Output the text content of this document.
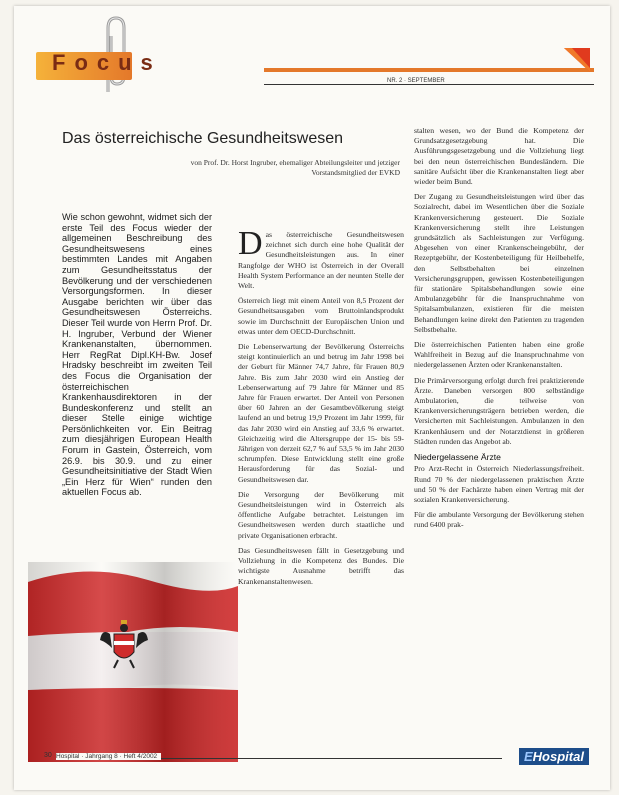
Focus
NR. 2 · SEPTEMBER
Das österreichische Gesundheitswesen
von Prof. Dr. Horst Ingruber, ehemaliger Abteilungsleiter und jetziger Vorstandsmitglied der EVKD
Wie schon gewohnt, widmet sich der erste Teil des Focus wieder der allgemeinen Beschreibung des Gesundheitswesens eines bestimmten Landes mit Angaben zum Gesundheitsstatus der Bevölkerung und der verschiedenen Versorgungsformen. In dieser Ausgabe berichten wir über das Gesundheitswesen Österreichs. Dieser Teil wurde von Herrn Prof. Dr. H. Ingruber, Verbund der Wiener Krankenanstalten, übernommen. Herr RegRat Dipl.KH-Bw. Josef Hradsky beschreibt im zweiten Teil des Focus die Organisation der österreichischen Krankenhausdirektoren in der Bundeskonferenz und stellt an dieser Stelle einige wichtige Persönlichkeiten vor. Ein Beitrag zum diesjährigen European Health Forum in Gastein, Österreich, vom 26.9. bis 30.9. und zu einer Gesundheitsinitiative der Stadt Wien „Ein Herz für Wien“ runden den aktuellen Focus ab.

Das österreichische Gesundheitswesen zeichnet sich durch eine hohe Qualität der Gesundheitsleistungen aus. In einer Rangfolge der WHO ist Österreich in der Overall Health System Performance an der neunten Stelle der Welt.

Österreich liegt mit einem Anteil von 8,5 Prozent der Gesundheitsausgaben vom Bruttoinlandsprodukt sowie im Durchschnitt der Europäischen Union und etwas unter dem OECD-Durchschnitt.

Die Lebenserwartung der Bevölkerung Österreichs steigt kontinuierlich an und betrug im Jahr 1998 bei der Geburt für Männer 74,7 Jahre, für Frauen 80,9 Jahre. Bis zum Jahr 2030 wird ein Anstieg der Lebenserwartung auf 79 Jahre für Männer und 85 Jahre für Frauen erwartet. Der Anteil von Personen über 60 Jahren an der Gesamtbevölkerung steigt laufend an und betrug 19,9 Prozent im Jahr 1999, für das Jahr 2030 wird ein Anstieg auf 33,6 % erwartet. Gleichzeitig wird die Altersgruppe der 15- bis 59-Jährigen von derzeit 62,7 % auf 53,5 % im Jahr 2030 schrumpfen. Diese Entwicklung stellt eine große Herausforderung für das Sozial- und Gesundheitswesen dar.

Die Versorgung der Bevölkerung mit Gesundheitsleistungen wird in Österreich als öffentliche Aufgabe betrachtet. Leistungen im Gesundheitswesen werden durch staatliche und private Organisationen erbracht.

Das Gesundheitswesen fällt in Gesetzgebung und Vollziehung in die Kompetenz des Bundes. Die wichtigste Ausnahme betrifft das Krankenanstaltenwesen.

stalten wesen, wo der Bund die Kompetenz der Grundsatzgesetzgebung hat. Die Ausführungsgesetzgebung und die Vollziehung liegt bei den neun österreichischen Bundesländern. Die sanitäre Aufsicht über die Krankenanstalten liegt aber wieder beim Bund.

Der Zugang zu Gesundheitsleistungen wird über das Sozialrecht, dabei im Wesentlichen über die Soziale Krankenversicherung gesteuert. Die Soziale Krankenversicherung stellt ihre Leistungen grundsätzlich als Sachleistungen zur Verfügung. Abgesehen von einer Krankenscheingebühr, der Rezeptgebühr, der Kostenbeteiligung für Heilbehelfe, den Selbstbehalten bei einzelnen Versicherungsgruppen, gewissen Kostenbeteiligungen für stationäre Spitalsbehandlungen sowie eine Ambulanzgebühr für die Inanspruchnahme von Spitalsambulanzen, existieren für die meisten Behandlungen keine direkt den Patienten zu tragenden Selbstbehalte.

Die österreichischen Patienten haben eine große Wahlfreiheit in Bezug auf die Inanspruchnahme von niedergelassenen Ärzten oder Krankenanstalten.

Die Primärversorgung erfolgt durch frei praktizierende Ärzte. Daneben versorgen 800 selbständige Ambulatorien, die teilweise von Krankenversicherungsträgern betrieben werden, die Versicherten mit Sachleistungen. Ambulanzen in den Krankenhäusern und der Notarztdienst in größeren Städten runden das Angebot ab.

Niedergelassene Ärzte

Pro Arzt-Recht in Österreich Niederlassungsfreiheit. Rund 70 % der niedergelassenen praktischen Ärzte und 50 % der Fachärzte haben einen Vertrag mit der sozialen Krankenversicherung.

Für die ambulante Versorgung der Bevölkerung stehen rund 6400 prak-

30 Hospital · Jahrgang 8 · Heft 4/2002	EHospital
